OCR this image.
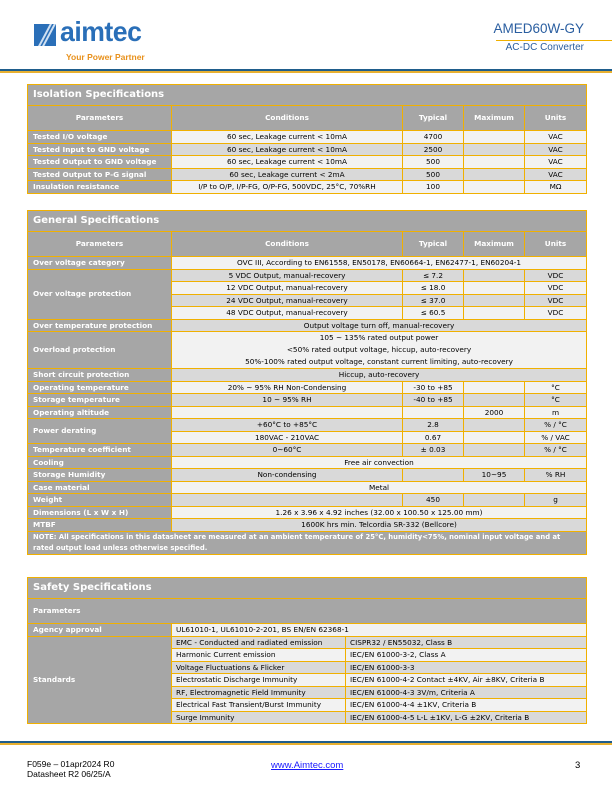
aimtec
Your Power Partner
AMED60W-GY
AC-DC Converter
Isolation Specifications				
Parameters	Conditions	Typical	Maximum	Units
Tested I/O voltage	60 sec, Leakage current < 10mA	4700		VAC
Tested Input to GND voltage	60 sec, Leakage current < 10mA	2500		VAC
Tested Output to GND voltage	60 sec, Leakage current < 10mA	500		VAC
Tested Output to P-G signal	60 sec, Leakage current < 2mA	500		VAC
Insulation resistance	I/P to O/P, I/P-FG, O/P-FG, 500VDC, 25°C, 70%RH	100		MΩ
General Specifications				
Parameters	Conditions	Typical	Maximum	Units
Over voltage category	OVC III, According to EN61558, EN50178, EN60664-1, EN62477-1, EN60204-1			
Over voltage protection	5 VDC Output, manual-recovery	≤ 7.2		VDC
	12 VDC Output, manual-recovery	≤ 18.0		VDC
	24 VDC Output, manual-recovery	≤ 37.0		VDC
	48 VDC Output, manual-recovery	≤ 60.5		VDC
Over temperature protection	Output voltage turn off, manual-recovery			
Overload protection	105 ~ 135% rated output power
<50% rated output voltage, hiccup, auto-recovery
50%-100% rated output voltage, constant current limiting, auto-recovery			

Short circuit protection	Hiccup, auto-recovery			
Operating temperature	20% ~ 95% RH Non-Condensing	-30 to +85		°C
Storage temperature	10 ~ 95% RH	-40 to +85		°C
Operating altitude			2000	m
Power derating	+60°C to +85°C	2.8		% / °C
	180VAC - 210VAC	0.67		% / VAC
Temperature coefficient	0~60°C	± 0.03		% / °C
Cooling	Free air convection			
Storage Humidity	Non-condensing		10~95	% RH
Case material	Metal			
Weight		450		g
Dimensions (L x W x H)	1.26 x 3.96 x 4.92 inches (32.00 x 100.50 x 125.00 mm)			
MTBF	1600K hrs min. Telcordia SR-332 (Bellcore)			
NOTE: All specifications in this datasheet are measured at an ambient temperature of 25°C, humidity<75%, nominal input voltage and at rated output load unless otherwise specified.				
Safety Specifications		
Parameters		
Agency approval	UL61010-1, UL61010-2-201, BS EN/EN 62368-1	
Standards	EMC - Conducted and radiated emission	CISPR32 / EN55032, Class B
	Harmonic Current emission	IEC/EN 61000-3-2, Class A
	Voltage Fluctuations & Flicker	IEC/EN 61000-3-3
	Electrostatic Discharge Immunity	IEC/EN 61000-4-2 Contact ±4KV, Air ±8KV, Criteria B
	RF, Electromagnetic Field Immunity	IEC/EN 61000-4-3 3V/m, Criteria A
	Electrical Fast Transient/Burst Immunity	IEC/EN 61000-4-4 ±1KV, Criteria B
	Surge Immunity	IEC/EN 61000-4-5 L-L ±1KV, L-G ±2KV, Criteria B
F059e – 01apr2024 R0
Datasheet R2 06/25/A
www.Aimtec.com	3
